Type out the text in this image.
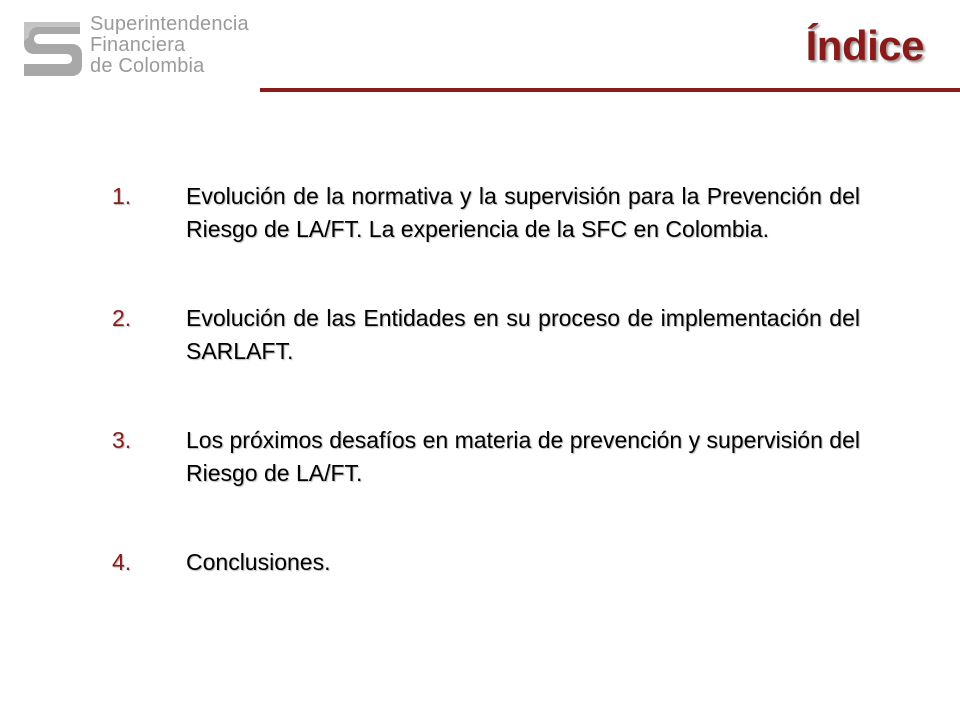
Superintendencia
Financiera
de Colombia	Índice
1. Evolución de la normativa y la supervisión para la Prevención del Riesgo de LA/FT. La experiencia de la SFC en Colombia.
2. Evolución de las Entidades en su proceso de implementación del SARLAFT.
3. Los próximos desafíos en materia de prevención y supervisión del Riesgo de LA/FT.
4. Conclusiones.
